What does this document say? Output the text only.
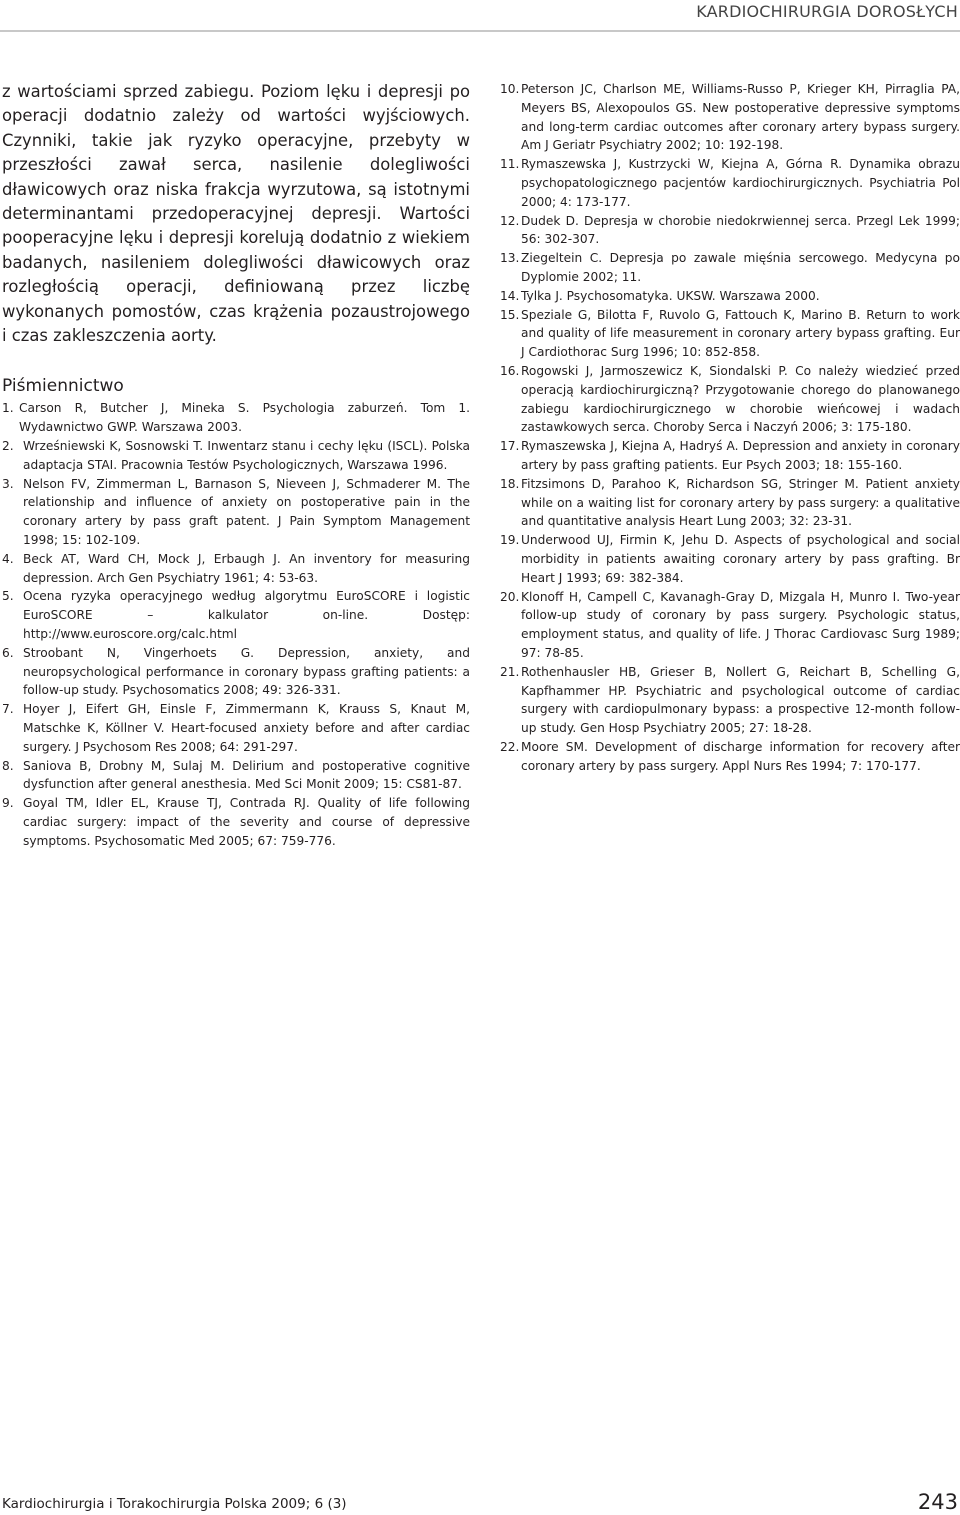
KARDIOCHIRURGIA DOROSŁYCH

z wartościami sprzed zabiegu. Poziom lęku i depresji po operacji dodatnio zależy od wartości wyjściowych. Czynniki, takie jak ryzyko operacyjne, przebyty w przeszłości zawał serca, nasilenie dolegliwości dławicowych oraz niska frakcja wyrzutowa, są istotnymi determinantami przedoperacyjnej depresji. Wartości pooperacyjne lęku i depresji korelują dodatnio z wiekiem badanych, nasileniem dolegliwości dławicowych oraz rozległością operacji, definiowaną przez liczbę wykonanych pomostów, czas krążenia pozaustrojowego i czas zakleszczenia aorty.

Piśmiennictwo
1. Carson R, Butcher J, Mineka S. Psychologia zaburzeń. Tom 1. Wydawnictwo GWP. Warszawa 2003.
2. Wrześniewski K, Sosnowski T. Inwentarz stanu i cechy lęku (ISCL). Polska adaptacja STAI. Pracownia Testów Psychologicznych, Warszawa 1996.
3. Nelson FV, Zimmerman L, Barnason S, Nieveen J, Schmaderer M. The relationship and influence of anxiety on postoperative pain in the coronary artery by pass graft patent. J Pain Symptom Management 1998; 15: 102-109.
4. Beck AT, Ward CH, Mock J, Erbaugh J. An inventory for measuring depression. Arch Gen Psychiatry 1961; 4: 53-63.
5. Ocena ryzyka operacyjnego według algorytmu EuroSCORE i logistic EuroSCORE – kalkulator on-line. Dostęp: http://www.euroscore.org/calc.html
6. Stroobant N, Vingerhoets G. Depression, anxiety, and neuropsychological performance in coronary bypass grafting patients: a follow-up study. Psychosomatics 2008; 49: 326-331.
7. Hoyer J, Eifert GH, Einsle F, Zimmermann K, Krauss S, Knaut M, Matschke K, Köllner V. Heart-focused anxiety before and after cardiac surgery. J Psychosom Res 2008; 64: 291-297.
8. Saniova B, Drobny M, Sulaj M. Delirium and postoperative cognitive dysfunction after general anesthesia. Med Sci Monit 2009; 15: CS81-87.
9. Goyal TM, Idler EL, Krause TJ, Contrada RJ. Quality of life following cardiac surgery: impact of the severity and course of depressive symptoms. Psychosomatic Med 2005; 67: 759-776.
10. Peterson JC, Charlson ME, Williams-Russo P, Krieger KH, Pirraglia PA, Meyers BS, Alexopoulos GS. New postoperative depressive symptoms and long-term cardiac outcomes after coronary artery bypass surgery. Am J Geriatr Psychiatry 2002; 10: 192-198.
11. Rymaszewska J, Kustrzycki W, Kiejna A, Górna R. Dynamika obrazu psychopatologicznego pacjentów kardiochirurgicznych. Psychiatria Pol 2000; 4: 173-177.
12. Dudek D. Depresja w chorobie niedokrwiennej serca. Przegl Lek 1999; 56: 302-307.
13. Ziegeltein C. Depresja po zawale mięśnia sercowego. Medycyna po Dyplomie 2002; 11.
14. Tylka J. Psychosomatyka. UKSW. Warszawa 2000.
15. Speziale G, Bilotta F, Ruvolo G, Fattouch K, Marino B. Return to work and quality of life measurement in coronary artery bypass grafting. Eur J Cardiothorac Surg 1996; 10: 852-858.
16. Rogowski J, Jarmoszewicz K, Siondalski P. Co należy wiedzieć przed operacją kardiochirurgiczną? Przygotowanie chorego do planowanego zabiegu kardiochirurgicznego w chorobie wieńcowej i wadach zastawkowych serca. Choroby Serca i Naczyń 2006; 3: 175-180.
17. Rymaszewska J, Kiejna A, Hadryś A. Depression and anxiety in coronary artery by pass grafting patients. Eur Psych 2003; 18: 155-160.
18. Fitzsimons D, Parahoo K, Richardson SG, Stringer M. Patient anxiety while on a waiting list for coronary artery by pass surgery: a qualitative and quantitative analysis Heart Lung 2003; 32: 23-31.
19. Underwood UJ, Firmin K, Jehu D. Aspects of psychological and social morbidity in patients awaiting coronary artery by pass grafting. Br Heart J 1993; 69: 382-384.
20. Klonoff H, Campell C, Kavanagh-Gray D, Mizgala H, Munro I. Two-year follow-up study of coronary by pass surgery. Psychologic status, employment status, and quality of life. J Thorac Cardiovasc Surg 1989; 97: 78-85.
21. Rothenhausler HB, Grieser B, Nollert G, Reichart B, Schelling G, Kapfhammer HP. Psychiatric and psychological outcome of cardiac surgery with cardiopulmonary bypass: a prospective 12-month follow-up study. Gen Hosp Psychiatry 2005; 27: 18-28.
22. Moore SM. Development of discharge information for recovery after coronary artery by pass surgery. Appl Nurs Res 1994; 7: 170-177.
Kardiochirurgia i Torakochirurgia Polska 2009; 6 (3)	243
